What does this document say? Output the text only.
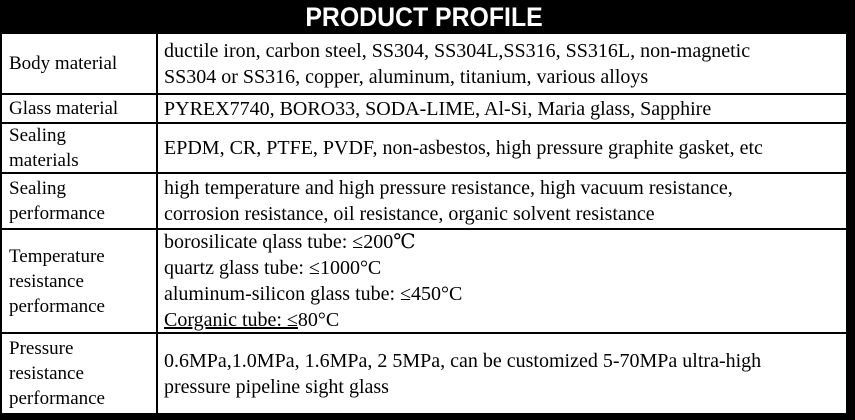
PRODUCT PROFILE
Body material
ductile iron, carbon steel, SS304, SS304L,SS316, SS316L, non-magnetic
SS304 or SS316, copper, aluminum, titanium, various alloys
Glass material	PYREX7740, BORO33, SODA-LIME, Al-Si, Maria glass, Sapphire
Sealing
materials
EPDM, CR, PTFE, PVDF, non-asbestos, high pressure graphite gasket, etc
Sealing
performance
high temperature and high pressure resistance, high vacuum resistance,
corrosion resistance, oil resistance, organic solvent resistance
Temperature
resistance
performance
borosilicate qlass tube: ≤200℃
quartz glass tube: ≤1000°C
aluminum-silicon glass tube: ≤450°C
Corganic tube: ≤80°C
Pressure
resistance
performance
0.6MPa,1.0MPa, 1.6MPa, 2 5MPa, can be customized 5-70MPa ultra-high
pressure pipeline sight glass
